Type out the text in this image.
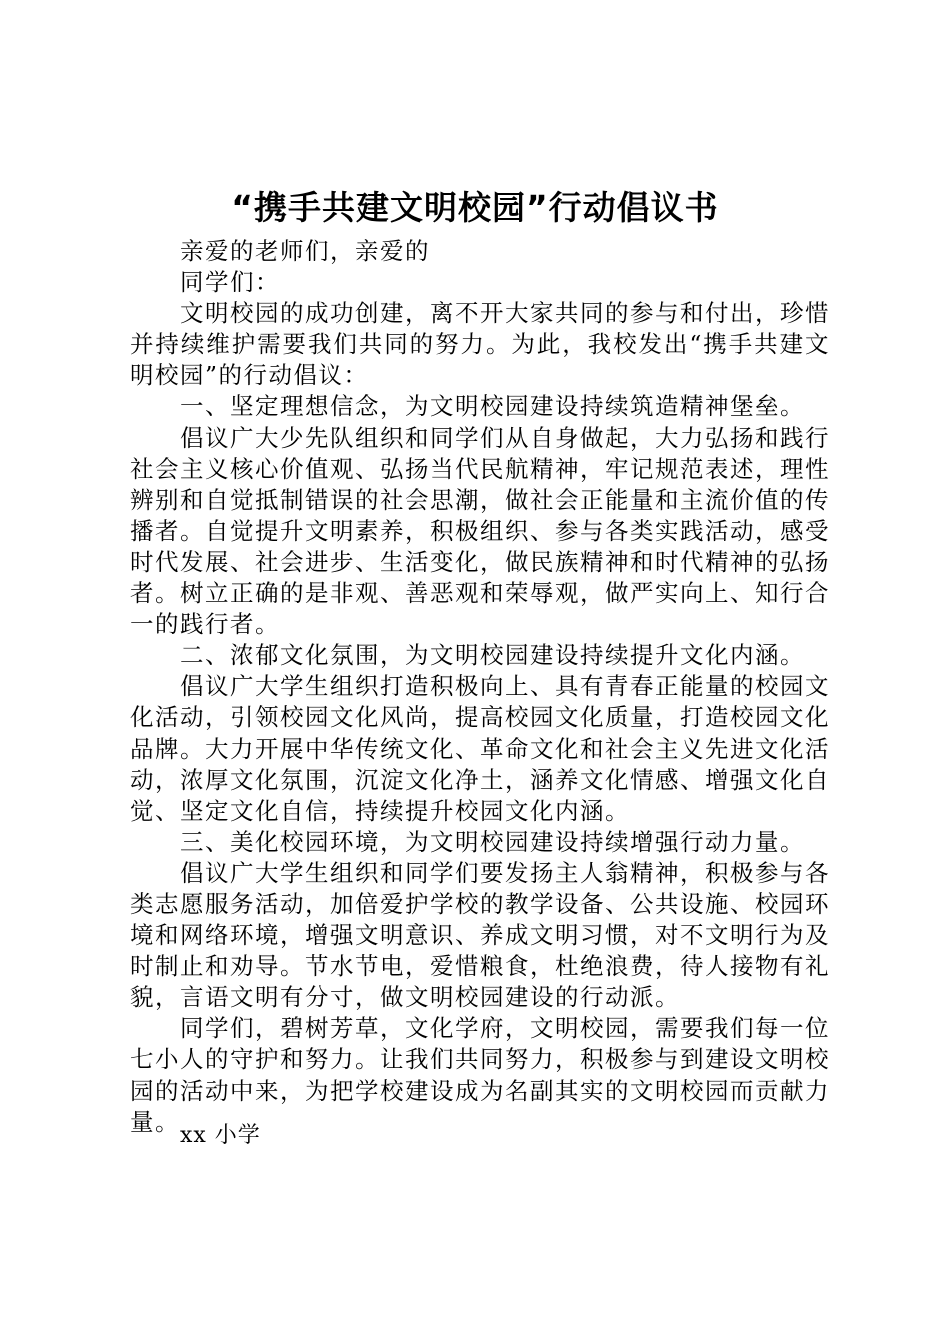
“携手共建文明校园”行动倡议书

亲爱的老师们，亲爱的

同学们：

文明校园的成功创建，离不开大家共同的参与和付出，珍惜并持续维护需要我们共同的努力。为此，我校发出“携手共建文明校园”的行动倡议：

一、坚定理想信念，为文明校园建设持续筑造精神堡垒。

倡议广大少先队组织和同学们从自身做起，大力弘扬和践行社会主义核心价值观、弘扬当代民航精神，牢记规范表述，理性辨别和自觉抵制错误的社会思潮，做社会正能量和主流价值的传播者。自觉提升文明素养，积极组织、参与各类实践活动，感受时代发展、社会进步、生活变化，做民族精神和时代精神的弘扬者。树立正确的是非观、善恶观和荣辱观，做严实向上、知行合一的践行者。

二、浓郁文化氛围，为文明校园建设持续提升文化内涵。

倡议广大学生组织打造积极向上、具有青春正能量的校园文化活动，引领校园文化风尚，提高校园文化质量，打造校园文化品牌。大力开展中华传统文化、革命文化和社会主义先进文化活动，浓厚文化氛围，沉淀文化净土，涵养文化情感、增强文化自觉、坚定文化自信，持续提升校园文化内涵。

三、美化校园环境，为文明校园建设持续增强行动力量。

倡议广大学生组织和同学们要发扬主人翁精神，积极参与各类志愿服务活动，加倍爱护学校的教学设备、公共设施、校园环境和网络环境，增强文明意识、养成文明习惯，对不文明行为及时制止和劝导。节水节电，爱惜粮食，杜绝浪费，待人接物有礼貌，言语文明有分寸，做文明校园建设的行动派。

同学们，碧树芳草，文化学府，文明校园，需要我们每一位七小人的守护和努力。让我们共同努力，积极参与到建设文明校园的活动中来，为把学校建设成为名副其实的文明校园而贡献力量。 xx 小学
